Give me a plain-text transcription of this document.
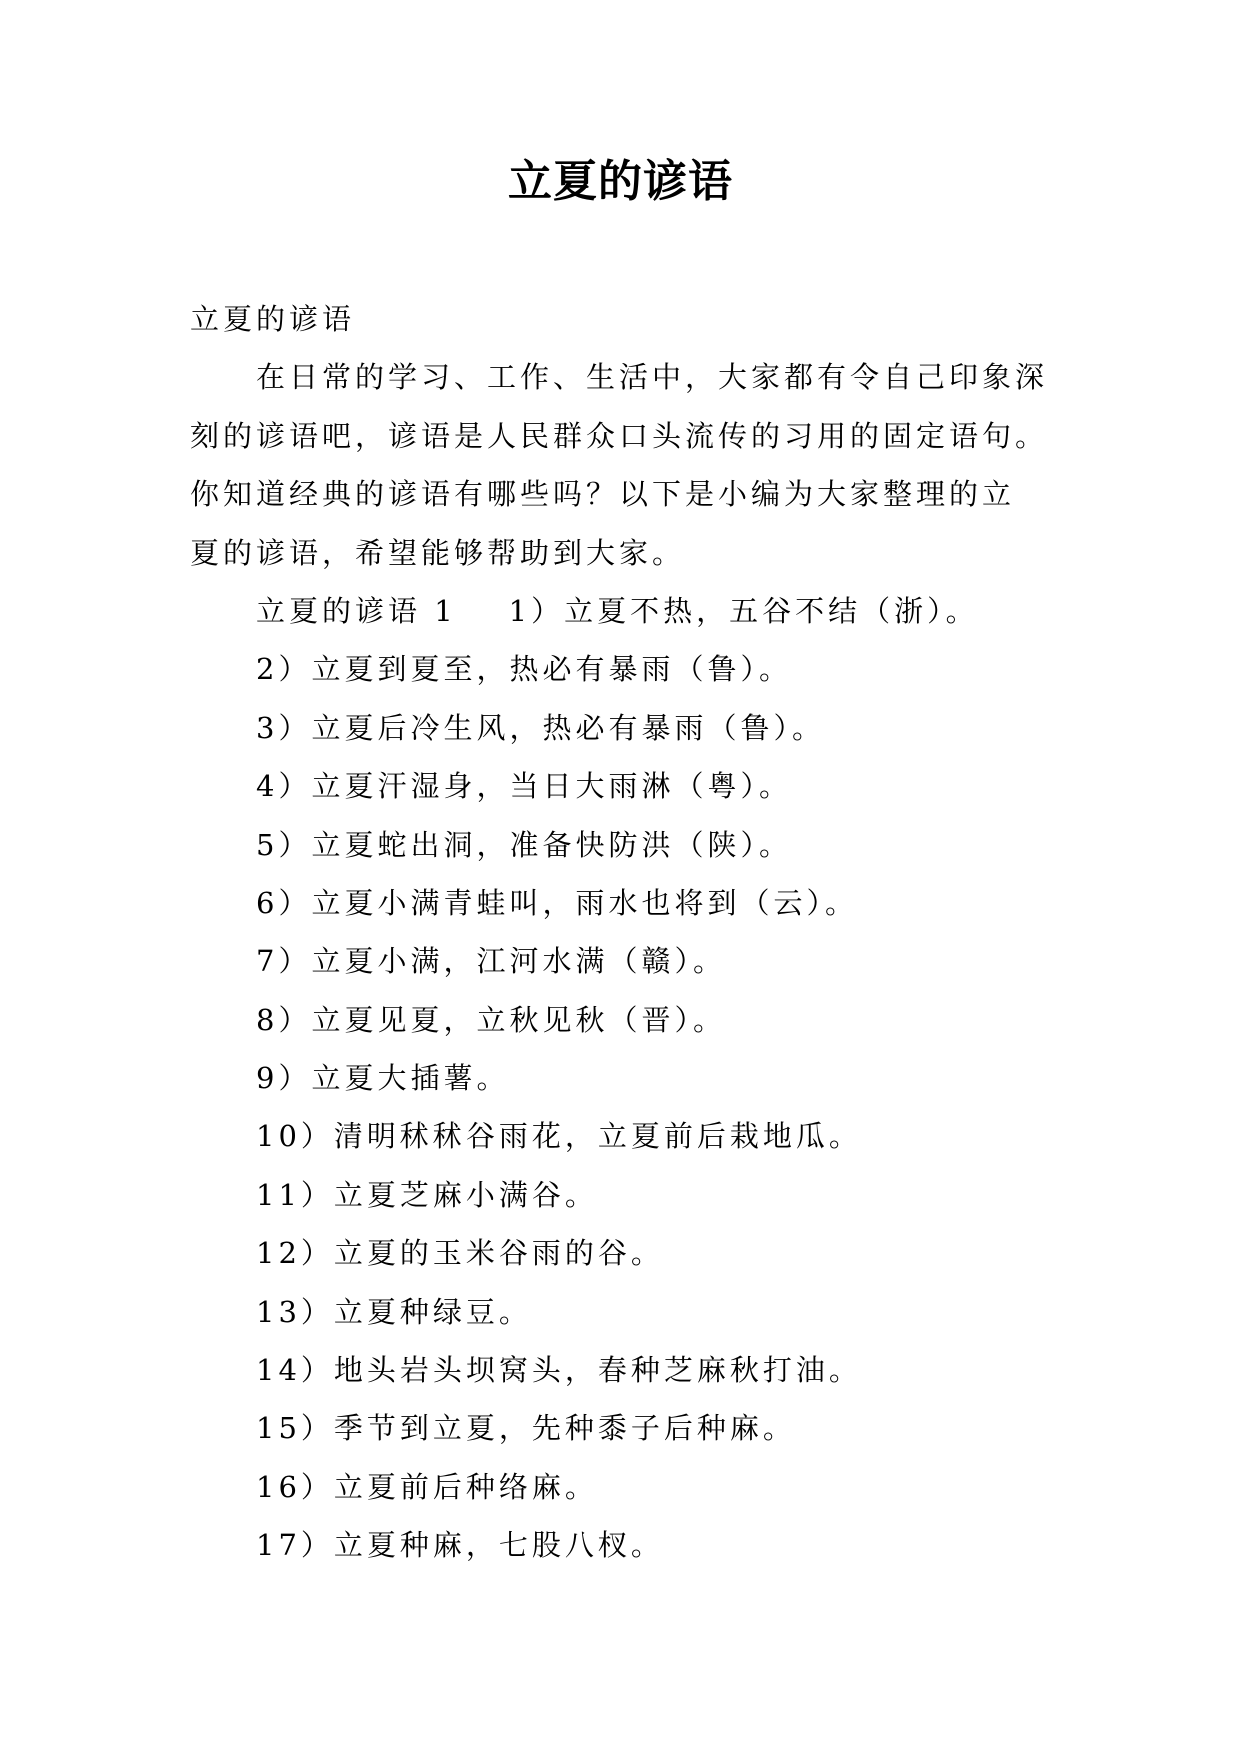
立夏的谚语
立夏的谚语
在日常的学习、工作、生活中，大家都有令自己印象深
刻的谚语吧，谚语是人民群众口头流传的习用的固定语句。
你知道经典的谚语有哪些吗？以下是小编为大家整理的立
夏的谚语，希望能够帮助到大家。
立夏的谚语 1 1）立夏不热，五谷不结（浙）。
2）立夏到夏至，热必有暴雨（鲁）。
3）立夏后冷生风，热必有暴雨（鲁）。
4）立夏汗湿身，当日大雨淋（粤）。
5）立夏蛇出洞，准备快防洪（陕）。
6）立夏小满青蛙叫，雨水也将到（云）。
7）立夏小满，江河水满（赣）。
8）立夏见夏，立秋见秋（晋）。
9）立夏大插薯。
10）清明秫秫谷雨花，立夏前后栽地瓜。
11）立夏芝麻小满谷。
12）立夏的玉米谷雨的谷。
13）立夏种绿豆。
14）地头岩头坝窝头，春种芝麻秋打油。
15）季节到立夏，先种黍子后种麻。
16）立夏前后种络麻。
17）立夏种麻，七股八杈。
